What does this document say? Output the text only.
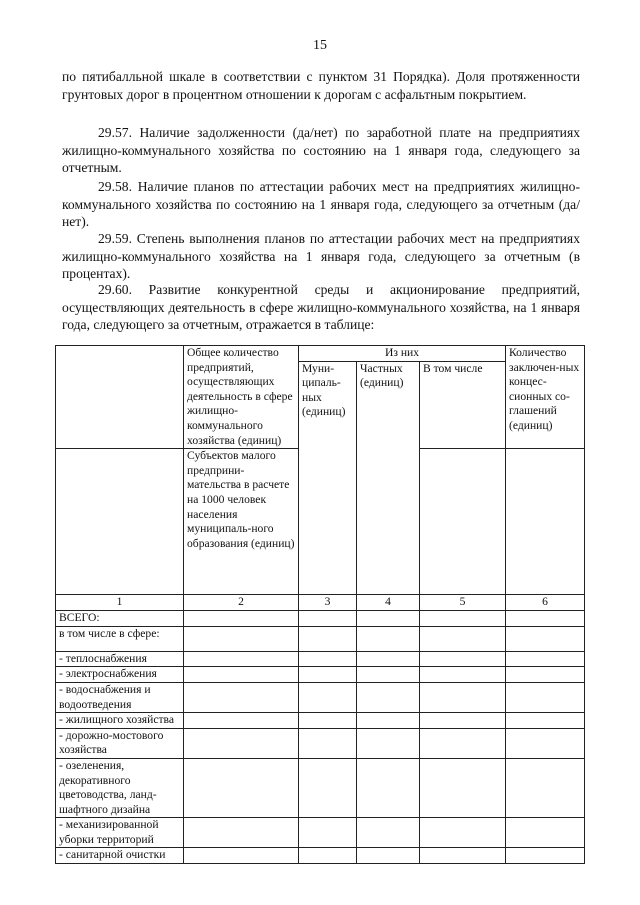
15

по пятибалльной шкале в соответствии с пунктом 31 Порядка). Доля протяженности грунтовых дорог в процентном отношении к дорогам с асфальтным покрытием.

29.57. Наличие задолженности (да/нет) по заработной плате на предприятиях жилищно-коммунального хозяйства по состоянию на 1 января года, следующего за отчетным.

29.58. Наличие планов по аттестации рабочих мест на предприятиях жилищно-коммунального хозяйства по состоянию на 1 января года, следующего за отчетным (да/нет).

29.59. Степень выполнения планов по аттестации рабочих мест на предприятиях жилищно-коммунального хозяйства на 1 января года, следующего за отчетным (в процентах).

29.60. Развитие конкурентной среды и акционирование предприятий, осуществляющих деятельность в сфере жилищно-коммунального хозяйства, на 1 января года, следующего за отчетным, отражается в таблице:

	Общее количество предприятий, осуществляющих деятельность в сфере жилищно-коммунального хозяйства (единиц)	Из них			Количество заключен-ных концес-сионных со-глашений (единиц)
		Муни-ципаль-ных (единиц)	Частных (единиц)	В том числе	
	Субъектов малого предприни-мательства в расчете на 1000 человек населения муниципаль-ного образования (единиц)				
1	2	3	4	5	6
ВСЕГО:					
в том числе в сфере:					
- теплоснабжения					
- электроснабжения					
- водоснабжения и водоотведения					
- жилищного хозяйства					
- дорожно-мостового хозяйства					
- озеленения, декоративного цветоводства, ланд-шафтного дизайна					
- механизированной уборки территорий					
- санитарной очистки					
